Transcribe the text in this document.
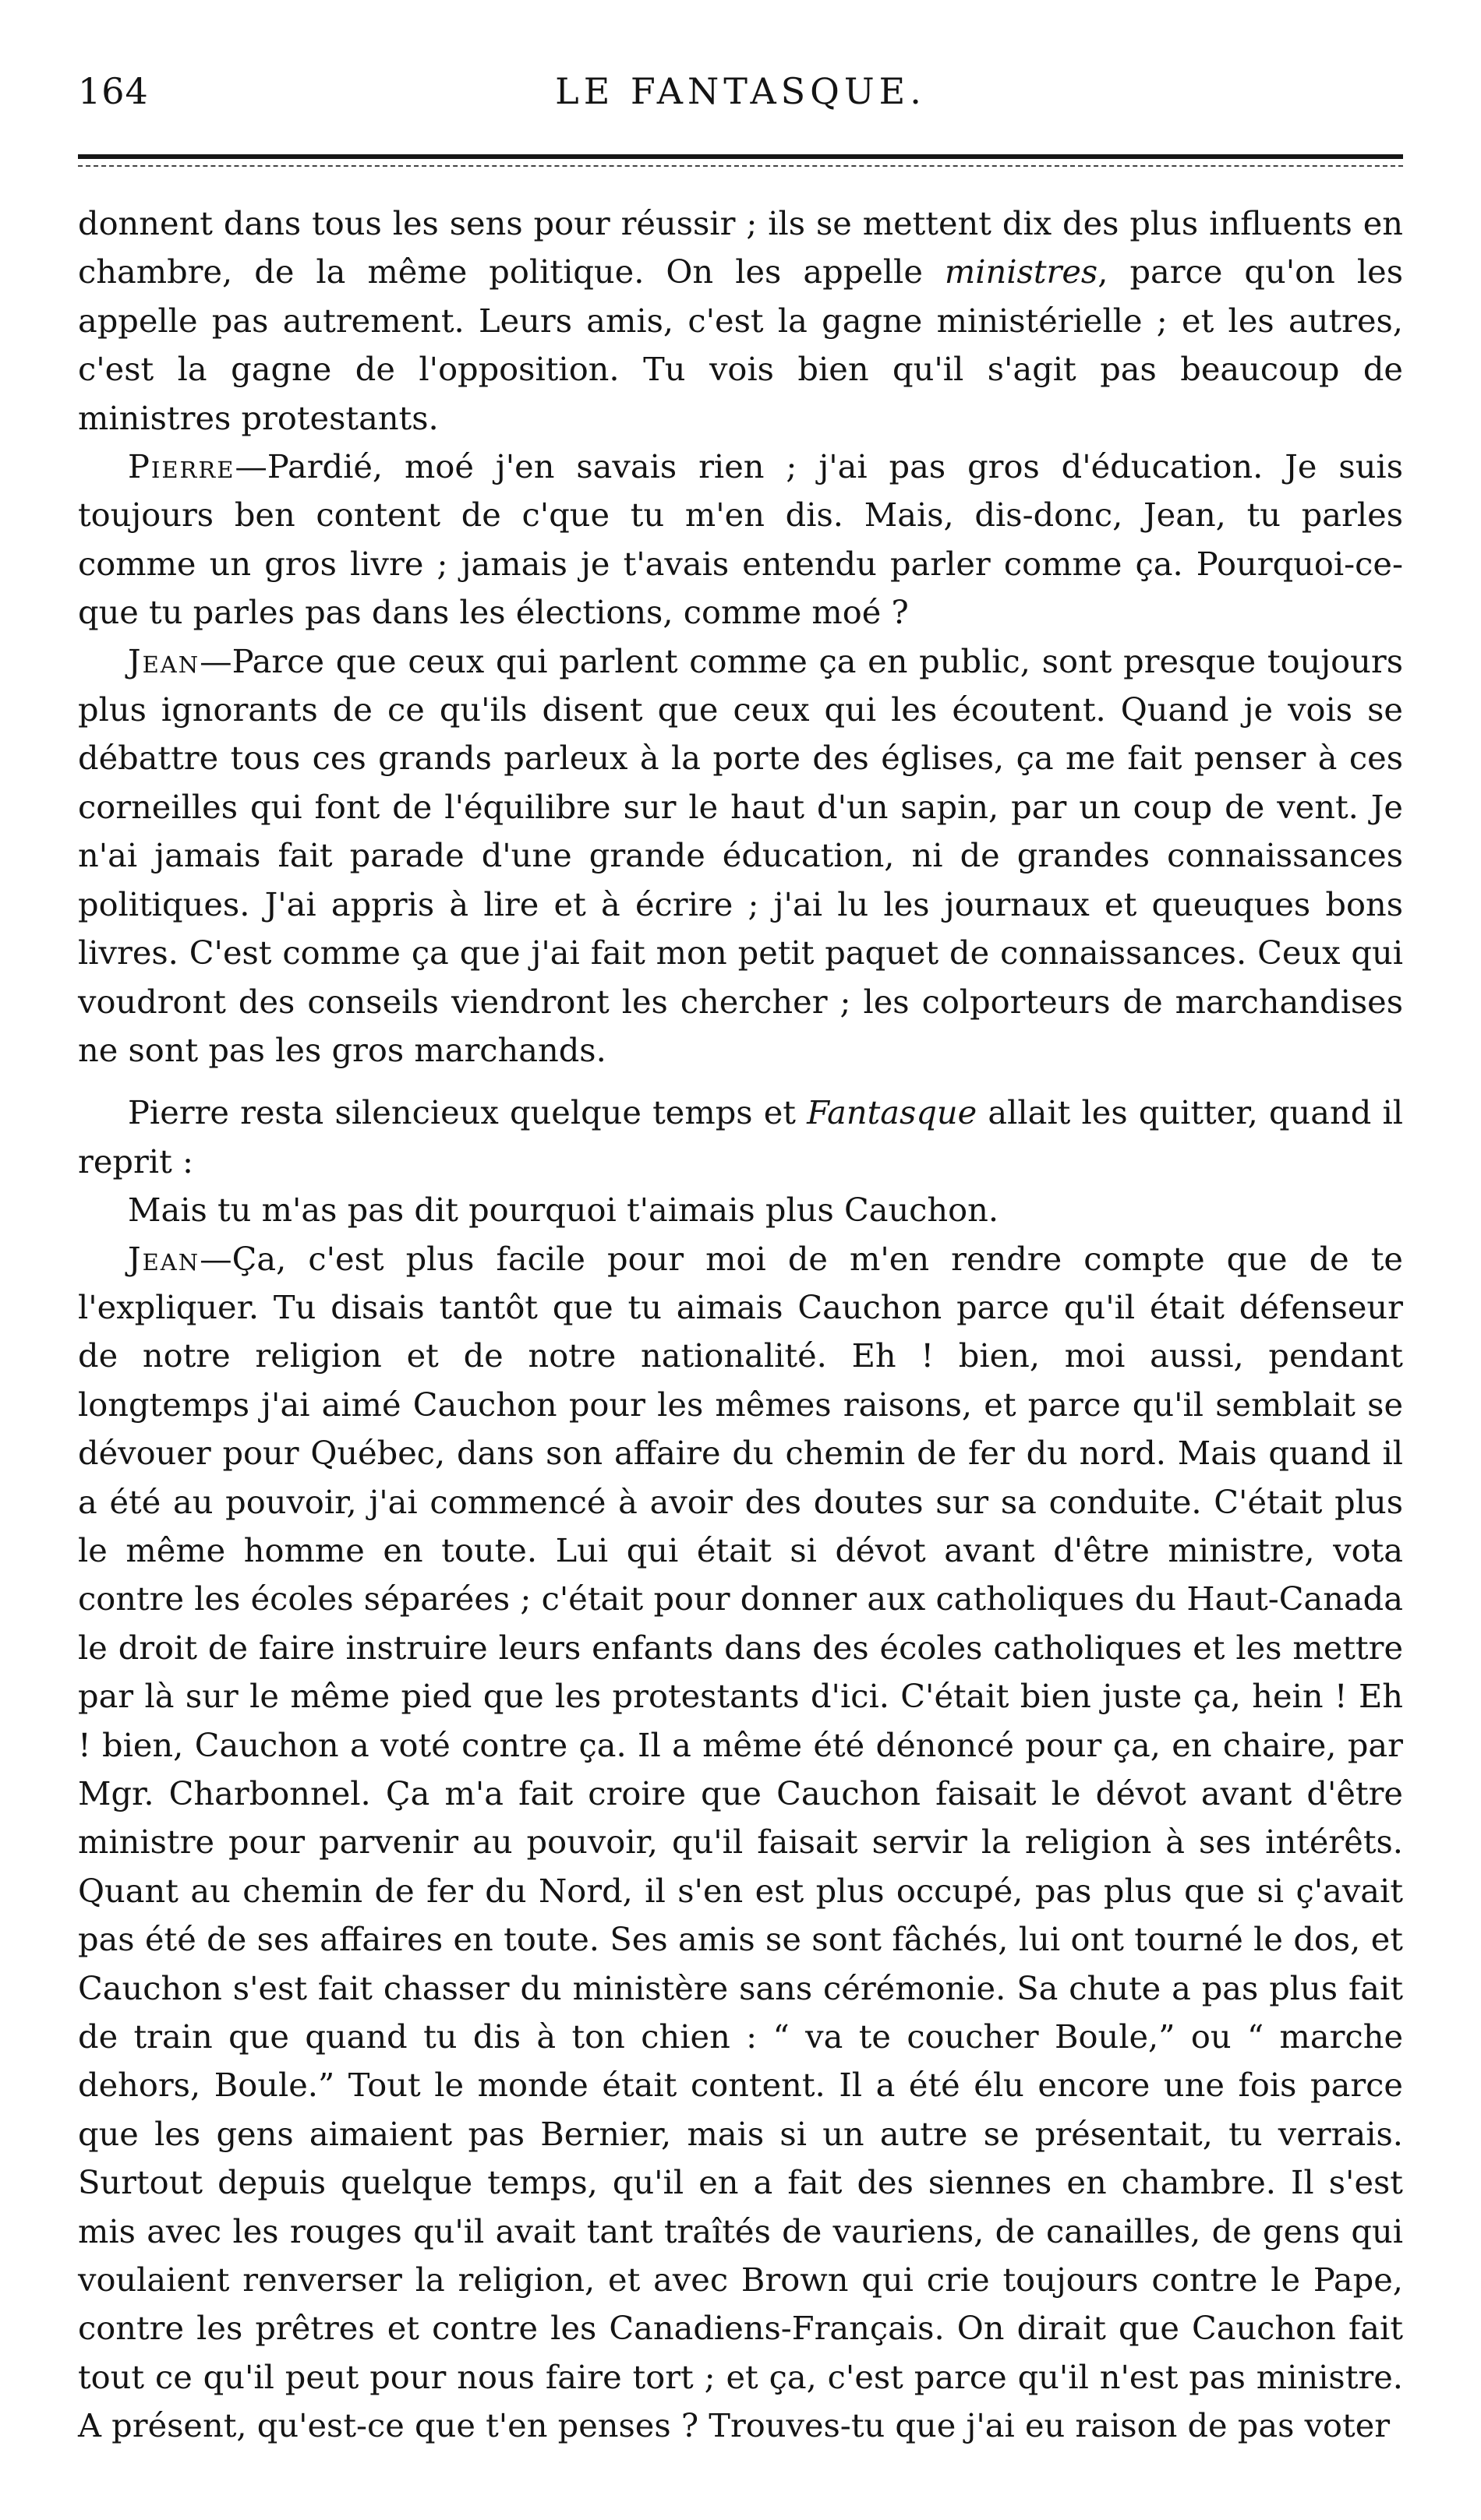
164	LE FANTASQUE.

donnent dans tous les sens pour réussir ; ils se mettent dix des plus influents en chambre, de la même politique. On les appelle ministres, parce qu'on les appelle pas autrement. Leurs amis, c'est la gagne ministérielle ; et les autres, c'est la gagne de l'opposition. Tu vois bien qu'il s'agit pas beaucoup de ministres protestants.

Pierre—Pardié, moé j'en savais rien ; j'ai pas gros d'éducation. Je suis toujours ben content de c'que tu m'en dis. Mais, dis-donc, Jean, tu parles comme un gros livre ; jamais je t'avais entendu parler comme ça. Pourquoi-ce-que tu parles pas dans les élections, comme moé ?

Jean—Parce que ceux qui parlent comme ça en public, sont presque toujours plus ignorants de ce qu'ils disent que ceux qui les écoutent. Quand je vois se débattre tous ces grands parleux à la porte des églises, ça me fait penser à ces corneilles qui font de l'équilibre sur le haut d'un sapin, par un coup de vent. Je n'ai jamais fait parade d'une grande éducation, ni de grandes connaissances politiques. J'ai appris à lire et à écrire ; j'ai lu les journaux et queuques bons livres. C'est comme ça que j'ai fait mon petit paquet de connaissances. Ceux qui voudront des conseils viendront les chercher ; les colporteurs de marchandises ne sont pas les gros marchands.

Pierre resta silencieux quelque temps et Fantasque allait les quitter, quand il reprit :

Mais tu m'as pas dit pourquoi t'aimais plus Cauchon.

Jean—Ça, c'est plus facile pour moi de m'en rendre compte que de te l'expliquer. Tu disais tantôt que tu aimais Cauchon parce qu'il était défenseur de notre religion et de notre nationalité. Eh ! bien, moi aussi, pendant longtemps j'ai aimé Cauchon pour les mêmes raisons, et parce qu'il semblait se dévouer pour Québec, dans son affaire du chemin de fer du nord. Mais quand il a été au pouvoir, j'ai commencé à avoir des doutes sur sa conduite. C'était plus le même homme en toute. Lui qui était si dévot avant d'être ministre, vota contre les écoles séparées ; c'était pour donner aux catholiques du Haut-Canada le droit de faire instruire leurs enfants dans des écoles catholiques et les mettre par là sur le même pied que les protestants d'ici. C'était bien juste ça, hein ! Eh ! bien, Cauchon a voté contre ça. Il a même été dénoncé pour ça, en chaire, par Mgr. Charbonnel. Ça m'a fait croire que Cauchon faisait le dévot avant d'être ministre pour parvenir au pouvoir, qu'il faisait servir la religion à ses intérêts. Quant au chemin de fer du Nord, il s'en est plus occupé, pas plus que si ç'avait pas été de ses affaires en toute. Ses amis se sont fâchés, lui ont tourné le dos, et Cauchon s'est fait chasser du ministère sans cérémonie. Sa chute a pas plus fait de train que quand tu dis à ton chien : “ va te coucher Boule,” ou “ marche dehors, Boule.” Tout le monde était content. Il a été élu encore une fois parce que les gens aimaient pas Bernier, mais si un autre se présentait, tu verrais. Surtout depuis quelque temps, qu'il en a fait des siennes en chambre. Il s'est mis avec les rouges qu'il avait tant traîtés de vauriens, de canailles, de gens qui voulaient renverser la religion, et avec Brown qui crie toujours contre le Pape, contre les prêtres et contre les Canadiens-Français. On dirait que Cauchon fait tout ce qu'il peut pour nous faire tort ; et ça, c'est parce qu'il n'est pas ministre. A présent, qu'est-ce que t'en penses ? Trouves-tu que j'ai eu raison de pas voter
